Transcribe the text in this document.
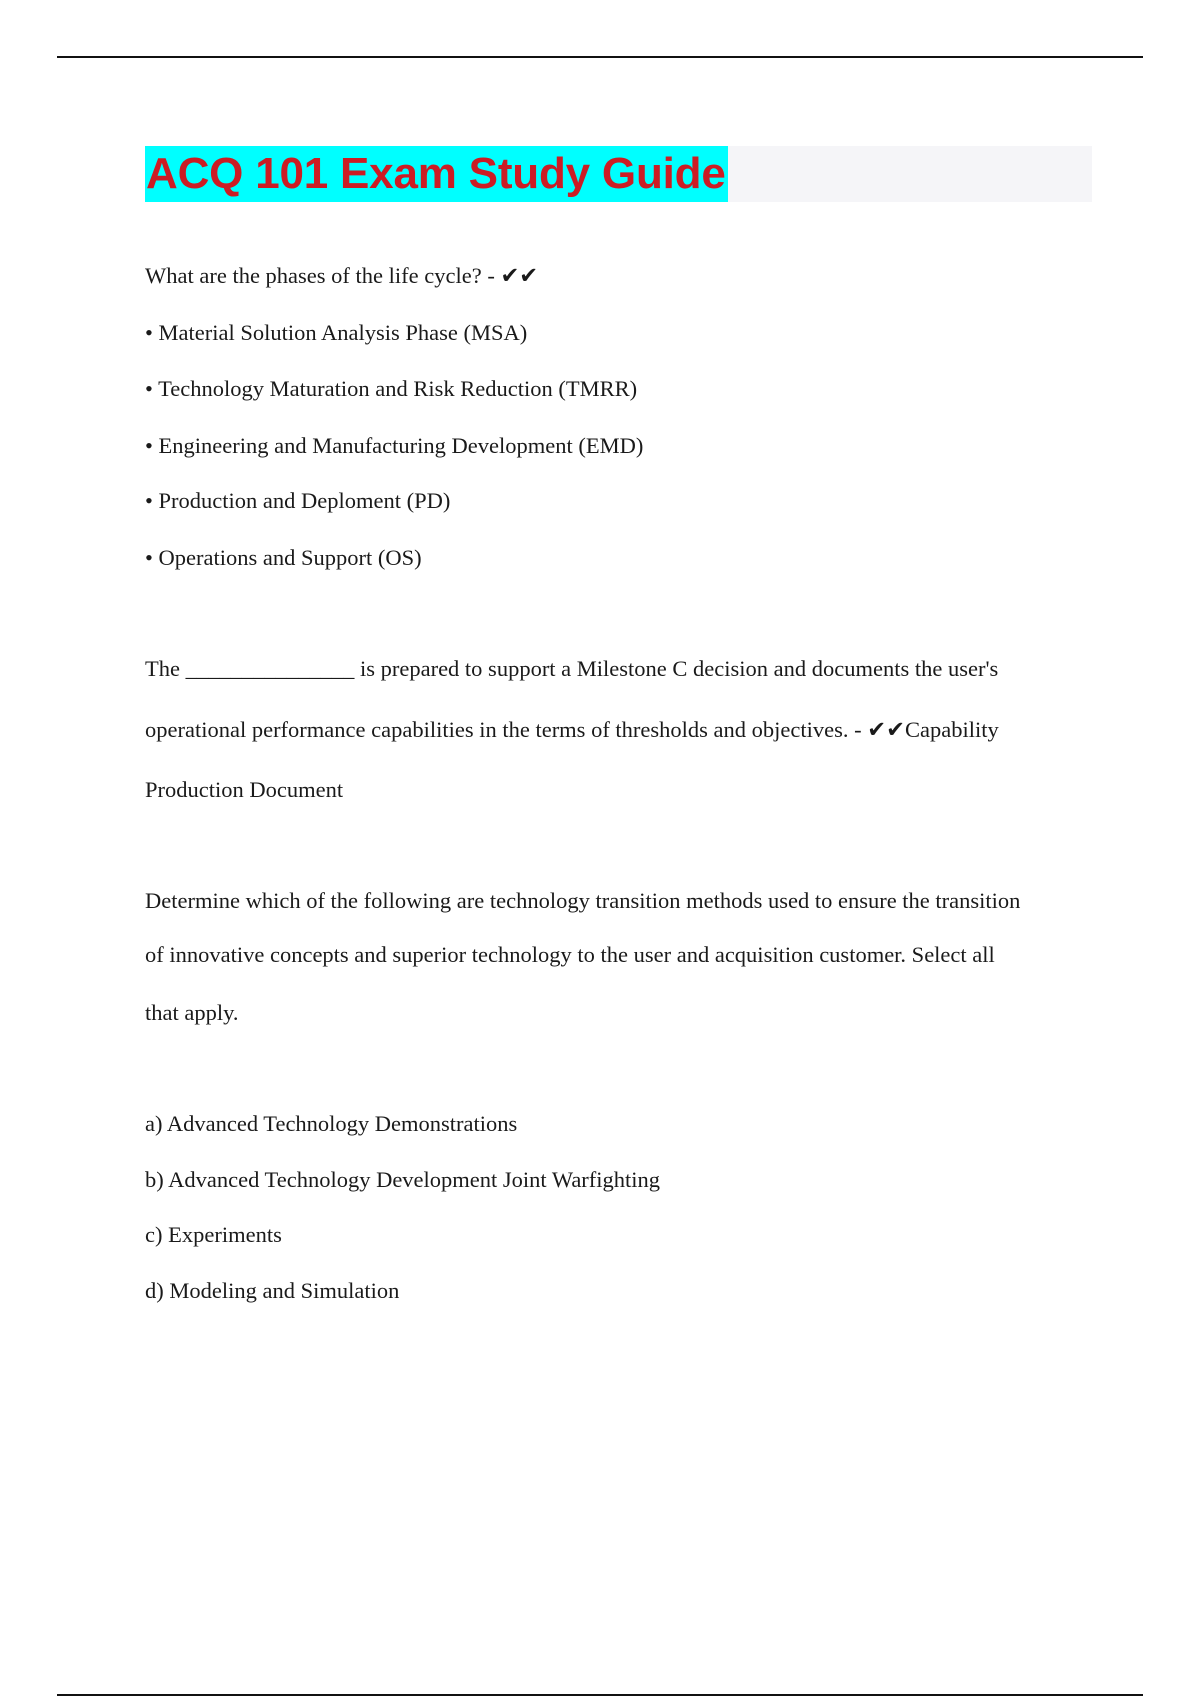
ACQ 101 Exam Study Guide
What are the phases of the life cycle? - ✔✔
• Material Solution Analysis Phase (MSA)
• Technology Maturation and Risk Reduction (TMRR)
• Engineering and Manufacturing Development (EMD)
• Production and Deploment (PD)
• Operations and Support (OS)
The _______________ is prepared to support a Milestone C decision and documents the user's
operational performance capabilities in the terms of thresholds and objectives. - ✔✔Capability
Production Document
Determine which of the following are technology transition methods used to ensure the transition
of innovative concepts and superior technology to the user and acquisition customer. Select all
that apply.
a) Advanced Technology Demonstrations
b) Advanced Technology Development Joint Warfighting
c) Experiments
d) Modeling and Simulation
